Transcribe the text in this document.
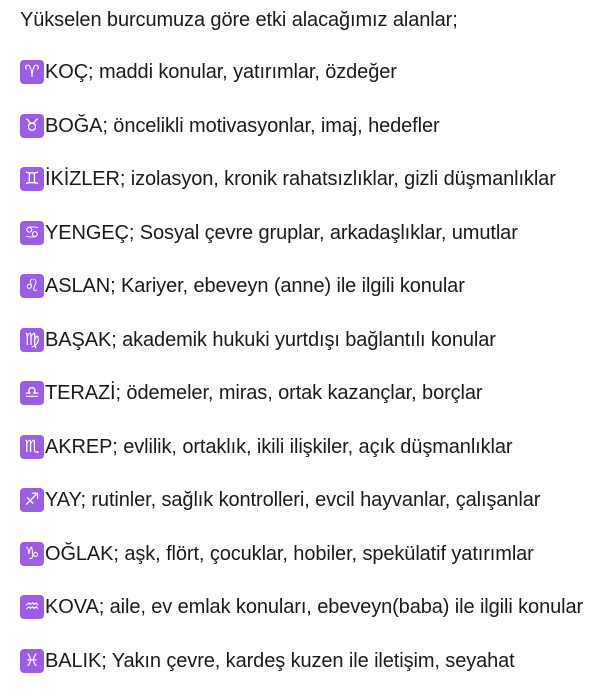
Yükselen burcumuza göre etki alacağımız alanlar;
♈ KOÇ; maddi konular, yatırımlar, özdeğer
♉ BOĞA; öncelikli motivasyonlar, imaj, hedefler
♊ İKİZLER; izolasyon, kronik rahatsızlıklar, gizli düşmanlıklar
♋ YENGEÇ; Sosyal çevre gruplar, arkadaşlıklar, umutlar
♌ ASLAN; Kariyer, ebeveyn (anne) ile ilgili konular
♍ BAŞAK; akademik hukuki yurtdışı bağlantılı konular
♎ TERAZİ; ödemeler, miras, ortak kazançlar, borçlar
♏ AKREP; evlilik, ortaklık, ikili ilişkiler, açık düşmanlıklar
♐ YAY; rutinler, sağlık kontrolleri, evcil hayvanlar, çalışanlar
♑ OĞLAK; aşk, flört, çocuklar, hobiler, spekülatif yatırımlar
♒ KOVA; aile, ev emlak konuları, ebeveyn(baba) ile ilgili konular
♓ BALIK; Yakın çevre, kardeş kuzen ile iletişim, seyahat
